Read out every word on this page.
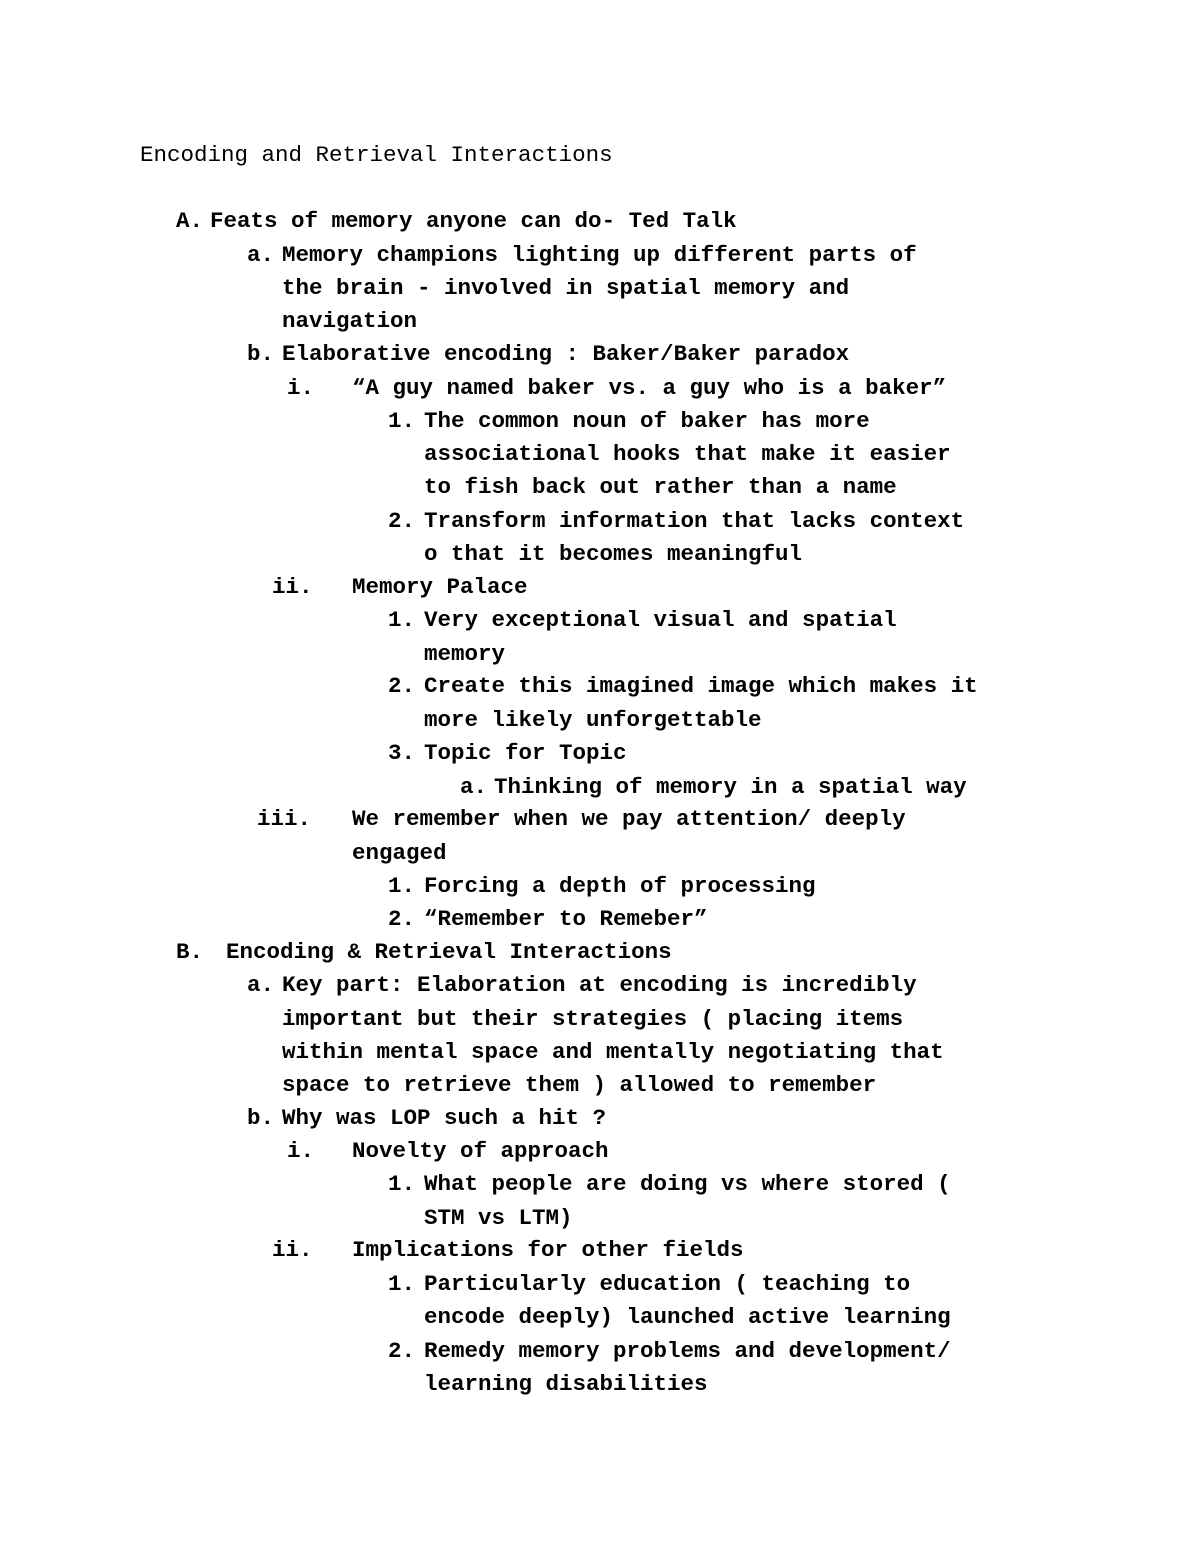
Encoding and Retrieval Interactions
A. Feats of memory anyone can do- Ted Talk
a. Memory champions lighting up different parts of
the brain - involved in spatial memory and
navigation
b. Elaborative encoding : Baker/Baker paradox
i. “A guy named baker vs. a guy who is a baker”
1. The common noun of baker has more
associational hooks that make it easier
to fish back out rather than a name
2. Transform information that lacks context
o that it becomes meaningful
ii. Memory Palace
1. Very exceptional visual and spatial
memory
2. Create this imagined image which makes it
more likely unforgettable
3. Topic for Topic
a. Thinking of memory in a spatial way
iii. We remember when we pay attention/ deeply
engaged
1. Forcing a depth of processing
2. “Remember to Remeber”
B. Encoding & Retrieval Interactions
a. Key part: Elaboration at encoding is incredibly
important but their strategies ( placing items
within mental space and mentally negotiating that
space to retrieve them ) allowed to remember
b. Why was LOP such a hit ?
i. Novelty of approach
1. What people are doing vs where stored (
STM vs LTM)
ii. Implications for other fields
1. Particularly education ( teaching to
encode deeply) launched active learning
2. Remedy memory problems and development/
learning disabilities
